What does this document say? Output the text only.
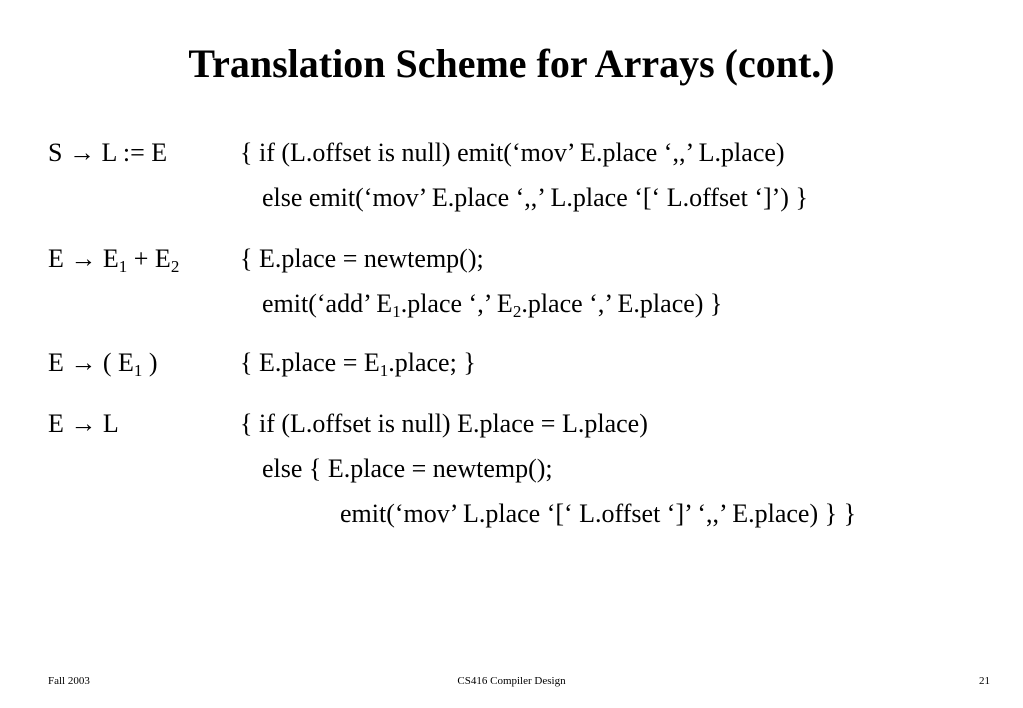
Translation Scheme for Arrays (cont.)
S → L := E	{ if (L.offset is null) emit(‘mov’ E.place ‘,,’ L.place)
else emit(‘mov’ E.place ‘,,’ L.place ‘[‘ L.offset ‘]’) }
$E \to E_1 + E_2$ { E.place = newtemp();
emit(‘add’ $E_1.place$ ‘,’ $E_2.place$ ‘,’ E.place) }
E → ( $E_1$ )	{ E.place = $E_1.place$; }
E → L	{ if (L.offset is null) E.place = L.place)
else { E.place = newtemp();
emit(‘mov’ L.place ‘[‘ L.offset ‘]’ ‘,,’ E.place) } }
Fall 2003	CS416 Compiler Design	21
